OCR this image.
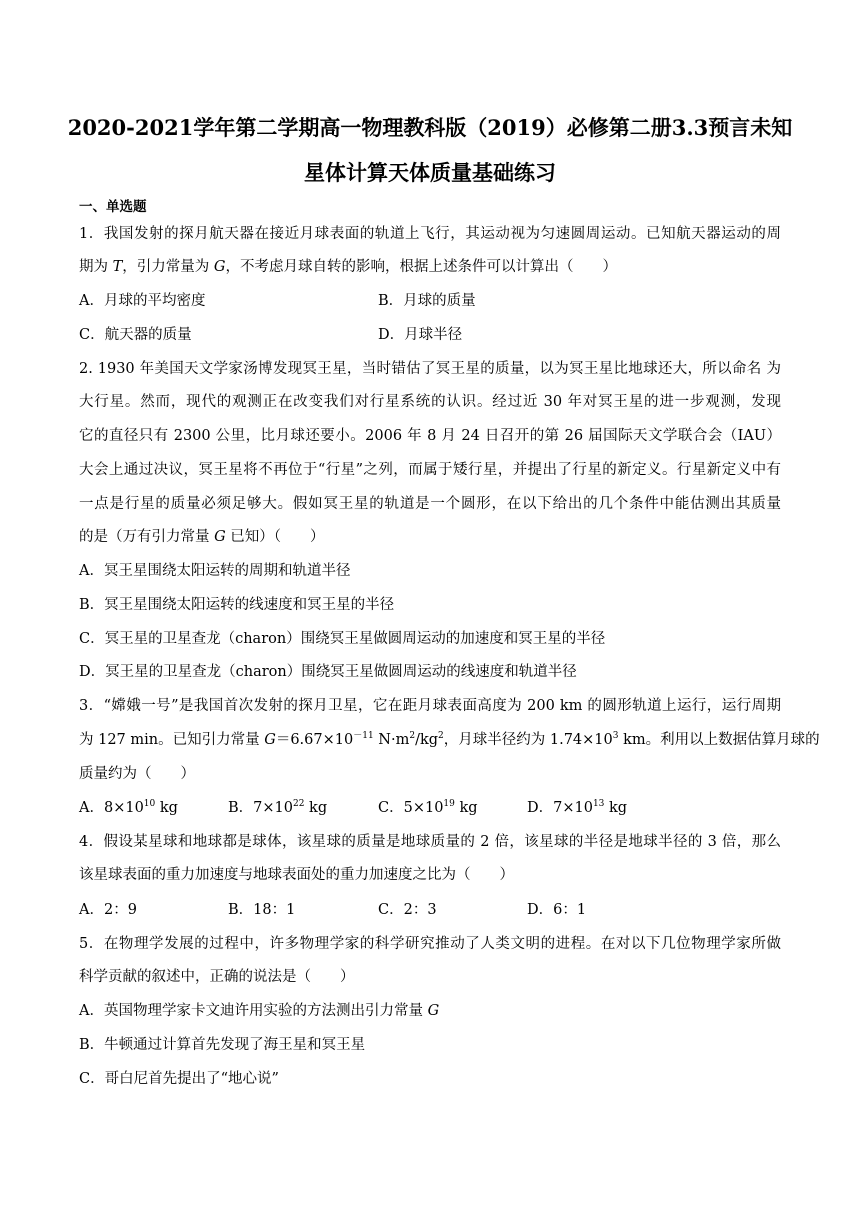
2020-2021学年第二学期高一物理教科版（2019）必修第二册3.3预言未知
星体计算天体质量基础练习
一、单选题
1．我国发射的探月航天器在接近月球表面的轨道上飞行，其运动视为匀速圆周运动。已知航天器运动的周
期为 T，引力常量为 G，不考虑月球自转的影响，根据上述条件可以计算出（　　）
A．月球的平均密度	B．月球的质量
C．航天器的质量	D．月球半径
2. 1930 年美国天文学家汤博发现冥王星，当时错估了冥王星的质量，以为冥王星比地球还大，所以命名 为
大行星。然而，现代的观测正在改变我们对行星系统的认识。经过近 30 年对冥王星的进一步观测，发现
它的直径只有 2300 公里，比月球还要小。2006 年 8 月 24 日召开的第 26 届国际天文学联合会（IAU）
大会上通过决议，冥王星将不再位于“行星”之列，而属于矮行星，并提出了行星的新定义。行星新定义中有
一点是行星的质量必须足够大。假如冥王星的轨道是一个圆形，在以下给出的几个条件中能估测出其质量
的是（万有引力常量 G 已知）（　　）
A．冥王星围绕太阳运转的周期和轨道半径
B．冥王星围绕太阳运转的线速度和冥王星的半径
C．冥王星的卫星查龙（charon）围绕冥王星做圆周运动的加速度和冥王星的半径
D．冥王星的卫星查龙（charon）围绕冥王星做圆周运动的线速度和轨道半径
3．“嫦娥一号”是我国首次发射的探月卫星，它在距月球表面高度为 200 km 的圆形轨道上运行，运行周期
为 127 min。已知引力常量 $G=6.67\times 10^{-11}$ $N\cdot m^2/kg^2$，月球半径约为 $1.74\times 10^3$ km。利用以上数据估算月球的
质量约为（　　）
A．$8\times 10^{10}$ kg	B．$7\times 10^{22}$ kg	C．$5\times 10^{19}$ kg	D．$7\times 10^{13}$ kg
4．假设某星球和地球都是球体，该星球的质量是地球质量的 2 倍，该星球的半径是地球半径的 3 倍，那么
该星球表面的重力加速度与地球表面处的重力加速度之比为（　　）
A．2：9	B．18：1	C．2：3	D．6：1
5．在物理学发展的过程中，许多物理学家的科学研究推动了人类文明的进程。在对以下几位物理学家所做
科学贡献的叙述中，正确的说法是（　　）
A．英国物理学家卡文迪许用实验的方法测出引力常量 G
B．牛顿通过计算首先发现了海王星和冥王星
C．哥白尼首先提出了“地心说”
